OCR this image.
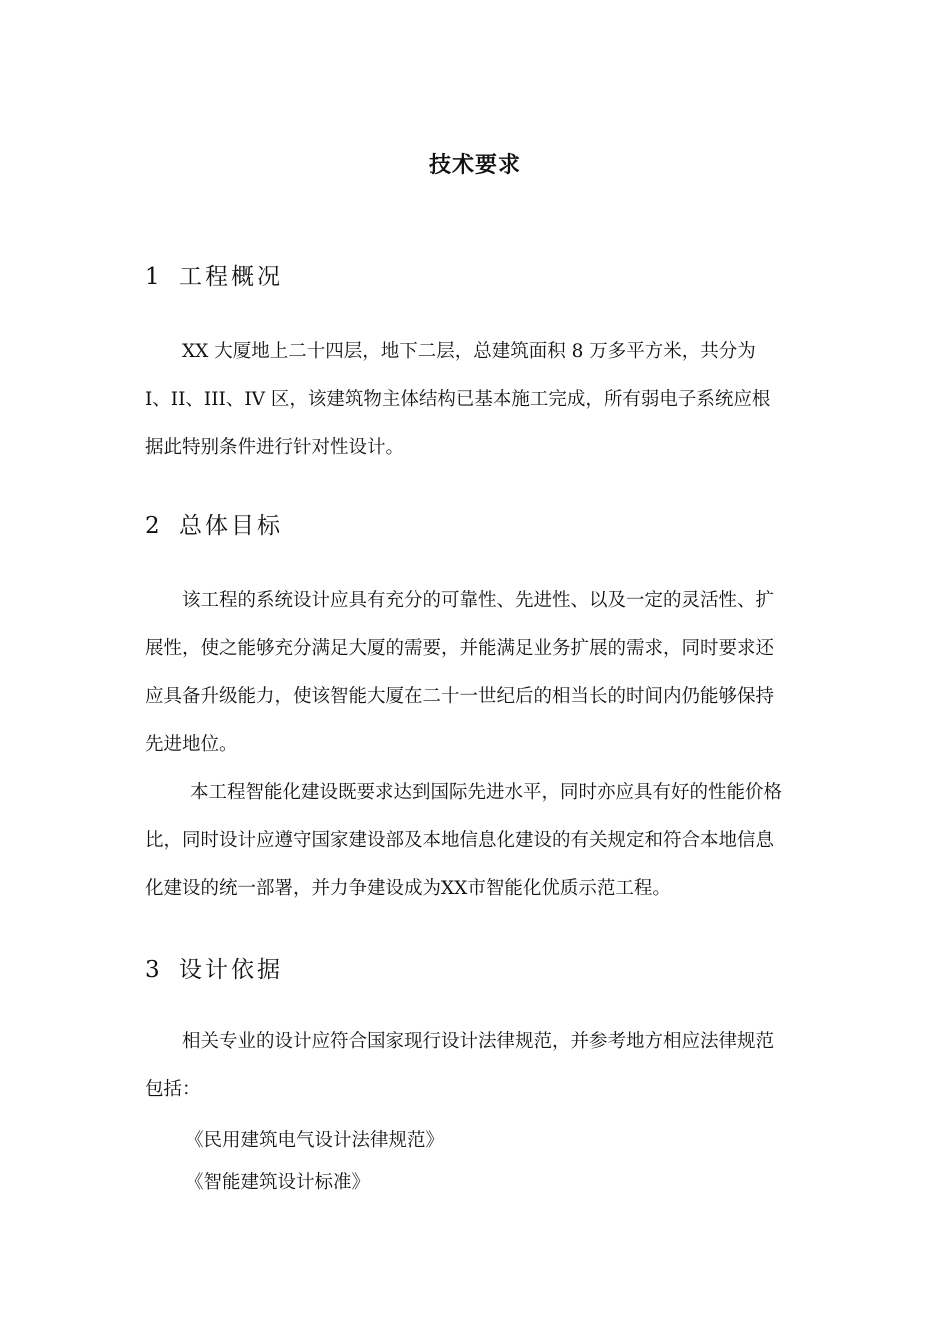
技术要求
1 工程概况
XX 大厦地上二十四层，地下二层，总建筑面积 8 万多平方米，共分为
I、II、III、IV 区，该建筑物主体结构已基本施工完成，所有弱电子系统应根
据此特别条件进行针对性设计。
2 总体目标
该工程的系统设计应具有充分的可靠性、先进性、以及一定的灵活性、扩
展性，使之能够充分满足大厦的需要，并能满足业务扩展的需求，同时要求还
应具备升级能力，使该智能大厦在二十一世纪后的相当长的时间内仍能够保持
先进地位。
本工程智能化建设既要求达到国际先进水平，同时亦应具有好的性能价格
比，同时设计应遵守国家建设部及本地信息化建设的有关规定和符合本地信息
化建设的统一部署，并力争建设成为XX市智能化优质示范工程。
3 设计依据
相关专业的设计应符合国家现行设计法律规范，并参考地方相应法律规范
包括：
《民用建筑电气设计法律规范》
《智能建筑设计标准》
